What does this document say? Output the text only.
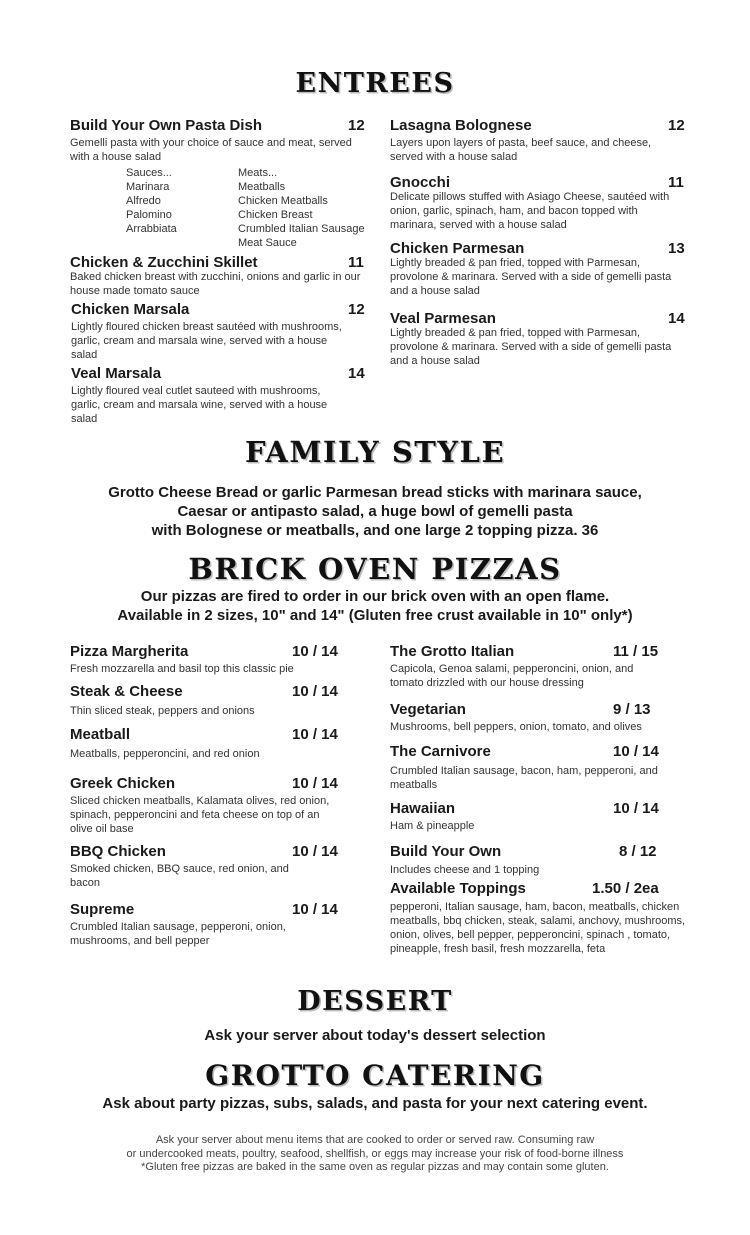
ENTREES
Build Your Own Pasta Dish
Gemelli pasta with your choice of sauce and meat, served with a house salad
12
Sauces...
Marinara
Alfredo
Palomino
Arrabbiata
Meats...
Meatballs
Chicken Meatballs
Chicken Breast
Crumbled Italian Sausage
Meat Sauce
Chicken & Zucchini Skillet
Baked chicken breast with zucchini, onions and garlic in our house made tomato sauce
11
Chicken Marsala
Lightly floured chicken breast sautéed with mushrooms, garlic, cream and marsala wine, served with a house salad
12
Veal Marsala
Lightly floured veal cutlet sauteed with mushrooms, garlic, cream and marsala wine, served with a house salad
14
Lasagna Bolognese
Layers upon layers of pasta, beef sauce, and cheese, served with a house salad
12
Gnocchi
Delicate pillows stuffed with Asiago Cheese, sautéed with onion, garlic, spinach, ham, and bacon topped with marinara, served with a house salad
11
Chicken Parmesan
Lightly breaded & pan fried, topped with Parmesan, provolone & marinara. Served with a side of gemelli pasta and a house salad
13
Veal Parmesan
Lightly breaded & pan fried, topped with Parmesan, provolone & marinara. Served with a side of gemelli pasta and a house salad
14
FAMILY STYLE
Grotto Cheese Bread or garlic Parmesan bread sticks with marinara sauce,
Caesar or antipasto salad, a huge bowl of gemelli pasta
with Bolognese or meatballs, and one large 2 topping pizza. 36
BRICK OVEN PIZZAS
Our pizzas are fired to order in our brick oven with an open flame.
Available in 2 sizes, 10" and 14" (Gluten free crust available in 10" only*)
Pizza Margherita
Fresh mozzarella and basil top this classic pie
10 / 14
Steak & Cheese
Thin sliced steak, peppers and onions
10 / 14
Meatball
Meatballs, pepperoncini, and red onion
10 / 14
Greek Chicken
Sliced chicken meatballs, Kalamata olives, red onion, spinach, pepperoncini and feta cheese on top of an olive oil base
10 / 14
BBQ Chicken
Smoked chicken, BBQ sauce, red onion, and bacon
10 / 14
Supreme
Crumbled Italian sausage, pepperoni, onion, mushrooms, and bell pepper
10 / 14
The Grotto Italian
Capicola, Genoa salami, pepperoncini, onion, and tomato drizzled with our house dressing
11 / 15
Vegetarian
Mushrooms, bell peppers, onion, tomato, and olives
9 / 13
The Carnivore
Crumbled Italian sausage, bacon, ham, pepperoni, and meatballs
10 / 14
Hawaiian
Ham & pineapple
10 / 14
Build Your Own
Includes cheese and 1 topping
8 / 12
Available Toppings
pepperoni, Italian sausage, ham, bacon, meatballs, chicken meatballs, bbq chicken, steak, salami, anchovy, mushrooms, onion, olives, bell pepper, pepperoncini, spinach , tomato, pineapple, fresh basil, fresh mozzarella, feta
1.50 / 2ea
DESSERT
Ask your server about today's dessert selection
GROTTO CATERING
Ask about party pizzas, subs, salads, and pasta for your next catering event.
Ask your server about menu items that are cooked to order or served raw. Consuming raw
or undercooked meats, poultry, seafood, shellfish, or eggs may increase your risk of food-borne illness
*Gluten free pizzas are baked in the same oven as regular pizzas and may contain some gluten.
